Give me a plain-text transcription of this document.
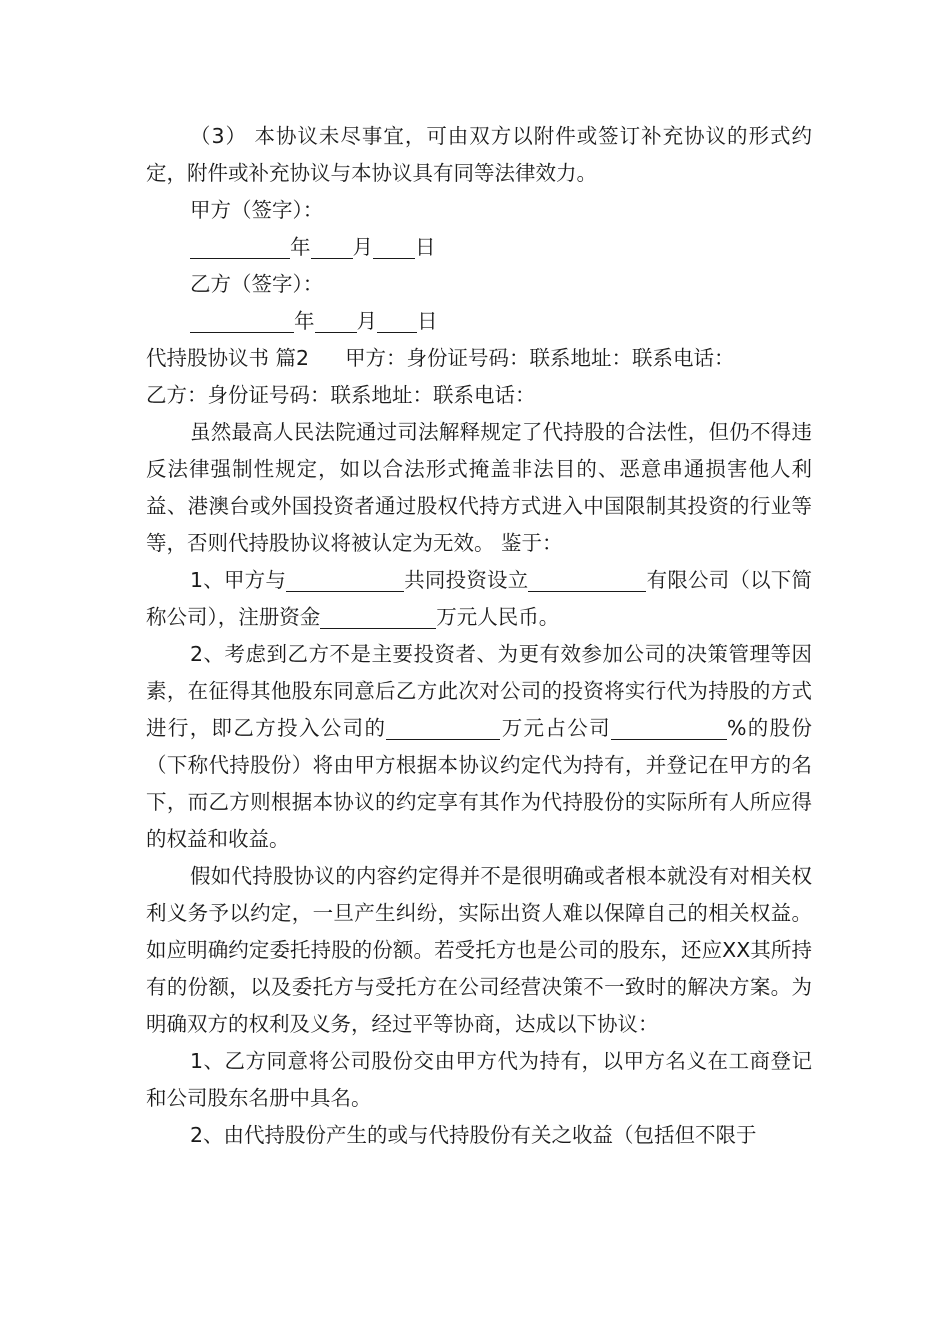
（3） 本协议未尽事宜，可由双方以附件或签订补充协议的形式约定，附件或补充协议与本协议具有同等法律效力。

甲方（签字）：

年 月 日

乙方（签字）：

年 月 日

代持股协议书 篇2 甲方：身份证号码：联系地址：联系电话：

乙方：身份证号码：联系地址：联系电话：

虽然最高人民法院通过司法解释规定了代持股的合法性，但仍不得违反法律强制性规定，如以合法形式掩盖非法目的、恶意串通损害他人利益、港澳台或外国投资者通过股权代持方式进入中国限制其投资的行业等等，否则代持股协议将被认定为无效。 鉴于：

1、甲方与	共同投资设立	有限公司（以下简称公司），注册资金	万元人民币。

2、考虑到乙方不是主要投资者、为更有效参加公司的决策管理等因素，在征得其他股东同意后乙方此次对公司的投资将实行代为持股的方式进行，即乙方投入公司的	万元占公司	%的股份（下称代持股份）将由甲方根据本协议约定代为持有，并登记在甲方的名下，而乙方则根据本协议的约定享有其作为代持股份的实际所有人所应得的权益和收益。

假如代持股协议的内容约定得并不是很明确或者根本就没有对相关权利义务予以约定，一旦产生纠纷，实际出资人难以保障自己的相关权益。如应明确约定委托持股的份额。若受托方也是公司的股东，还应XX其所持有的份额，以及委托方与受托方在公司经营决策不一致时的解决方案。为明确双方的权利及义务，经过平等协商，达成以下协议：

1、乙方同意将公司股份交由甲方代为持有，以甲方名义在工商登记和公司股东名册中具名。

2、由代持股份产生的或与代持股份有关之收益（包括但不限于
